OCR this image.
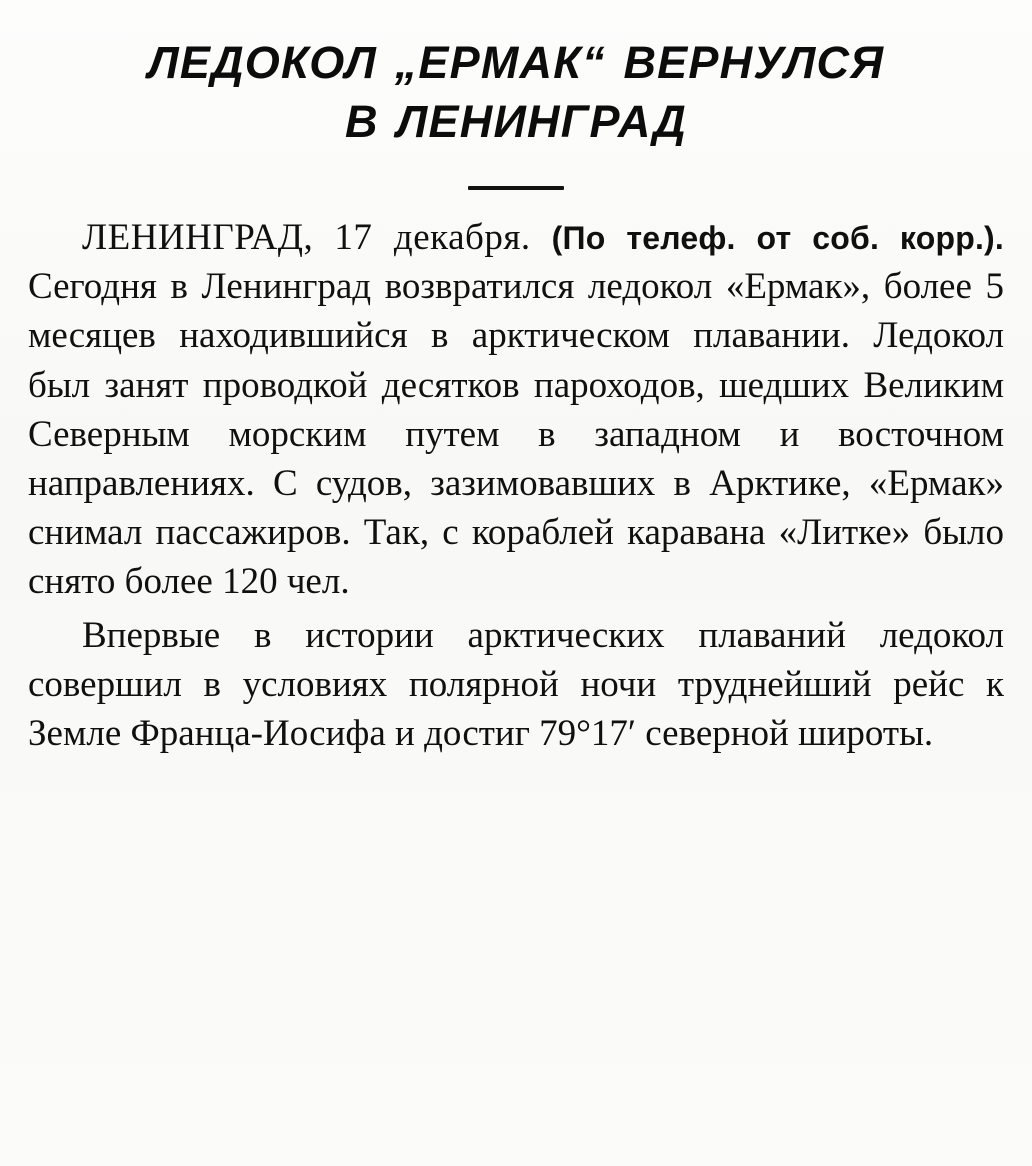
ЛЕДОКОЛ „ЕРМАК“ ВЕРНУЛСЯ
В ЛЕНИНГРАД

ЛЕНИНГРАД, 17 декабря. (По телеф. от соб. корр.). Сегодня в Ленинград возвратился ледокол «Ермак», более 5 месяцев находившийся в арктическом плавании. Ледокол был занят проводкой десятков пароходов, шедших Великим Северным морским путем в западном и восточном направлениях. С судов, зазимовавших в Арктике, «Ермак» снимал пассажиров. Так, с кораблей каравана «Литке» было снято более 120 чел.

Впервые в истории арктических плаваний ледокол совершил в условиях полярной ночи труднейший рейс к Земле Франца-Иосифа и достиг 79°17′ северной широты.
